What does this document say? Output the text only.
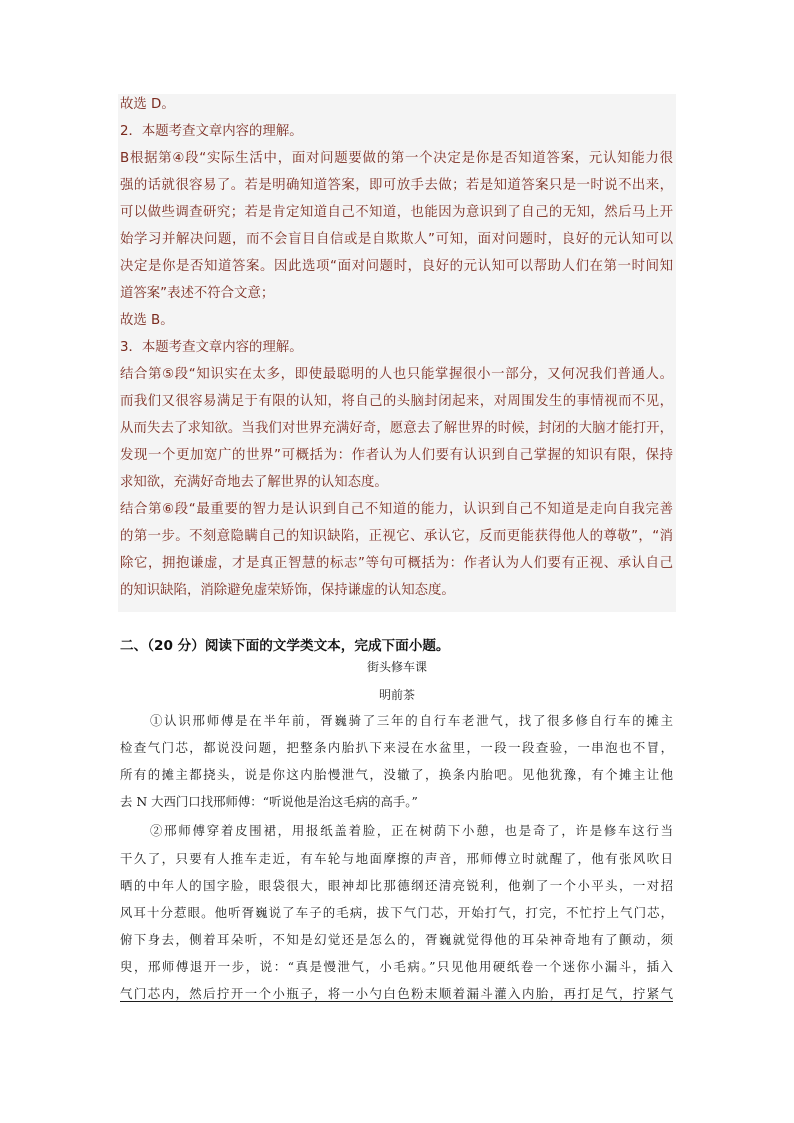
故选 D。
2．本题考查文章内容的理解。
B根据第④段“实际生活中，面对问题要做的第一个决定是你是否知道答案，元认知能力很
强的话就很容易了。若是明确知道答案，即可放手去做；若是知道答案只是一时说不出来，
可以做些调查研究；若是肯定知道自己不知道，也能因为意识到了自己的无知，然后马上开
始学习并解决问题，而不会盲目自信或是自欺欺人”可知，面对问题时，良好的元认知可以
决定是你是否知道答案。因此选项“面对问题时，良好的元认知可以帮助人们在第一时间知
道答案”表述不符合文意；
故选 B。
3．本题考查文章内容的理解。
结合第⑤段“知识实在太多，即使最聪明的人也只能掌握很小一部分，又何况我们普通人。
而我们又很容易满足于有限的认知，将自己的头脑封闭起来，对周围发生的事情视而不见，
从而失去了求知欲。当我们对世界充满好奇，愿意去了解世界的时候，封闭的大脑才能打开，
发现一个更加宽广的世界”可概括为：作者认为人们要有认识到自己掌握的知识有限，保持
求知欲，充满好奇地去了解世界的认知态度。
结合第⑥段“最重要的智力是认识到自己不知道的能力，认识到自己不知道是走向自我完善
的第一步。不刻意隐瞒自己的知识缺陷，正视它、承认它，反而更能获得他人的尊敬”，“消
除它，拥抱谦虚，才是真正智慧的标志”等句可概括为：作者认为人们要有正视、承认自己
的知识缺陷，消除避免虚荣矫饰，保持谦虚的认知态度。
二、（20 分）阅读下面的文学类文本，完成下面小题。
街头修车课
明前茶
①认识邢师傅是在半年前，胥巍骑了三年的自行车老泄气，找了很多修自行车的摊主
检查气门芯，都说没问题，把整条内胎扒下来浸在水盆里，一段一段查验，一串泡也不冒，
所有的摊主都挠头，说是你这内胎慢泄气，没辙了，换条内胎吧。见他犹豫，有个摊主让他
去 N 大西门口找邢师傅：“听说他是治这毛病的高手。”
②邢师傅穿着皮围裙，用报纸盖着脸，正在树荫下小憩，也是奇了，许是修车这行当
干久了，只要有人推车走近，有车轮与地面摩擦的声音，邢师傅立时就醒了，他有张风吹日
晒的中年人的国字脸，眼袋很大，眼神却比那德纲还清亮锐利，他剃了一个小平头，一对招
风耳十分惹眼。他听胥巍说了车子的毛病，拔下气门芯，开始打气，打完，不忙拧上气门芯，
俯下身去，侧着耳朵听，不知是幻觉还是怎么的，胥巍就觉得他的耳朵神奇地有了颤动，须
臾，邢师傅退开一步，说：“真是慢泄气，小毛病。”只见他用硬纸卷一个迷你小漏斗，插入
气门芯内，然后拧开一个小瓶子，将一小勺白色粉末顺着漏斗灌入内胎，再打足气，拧紧气
